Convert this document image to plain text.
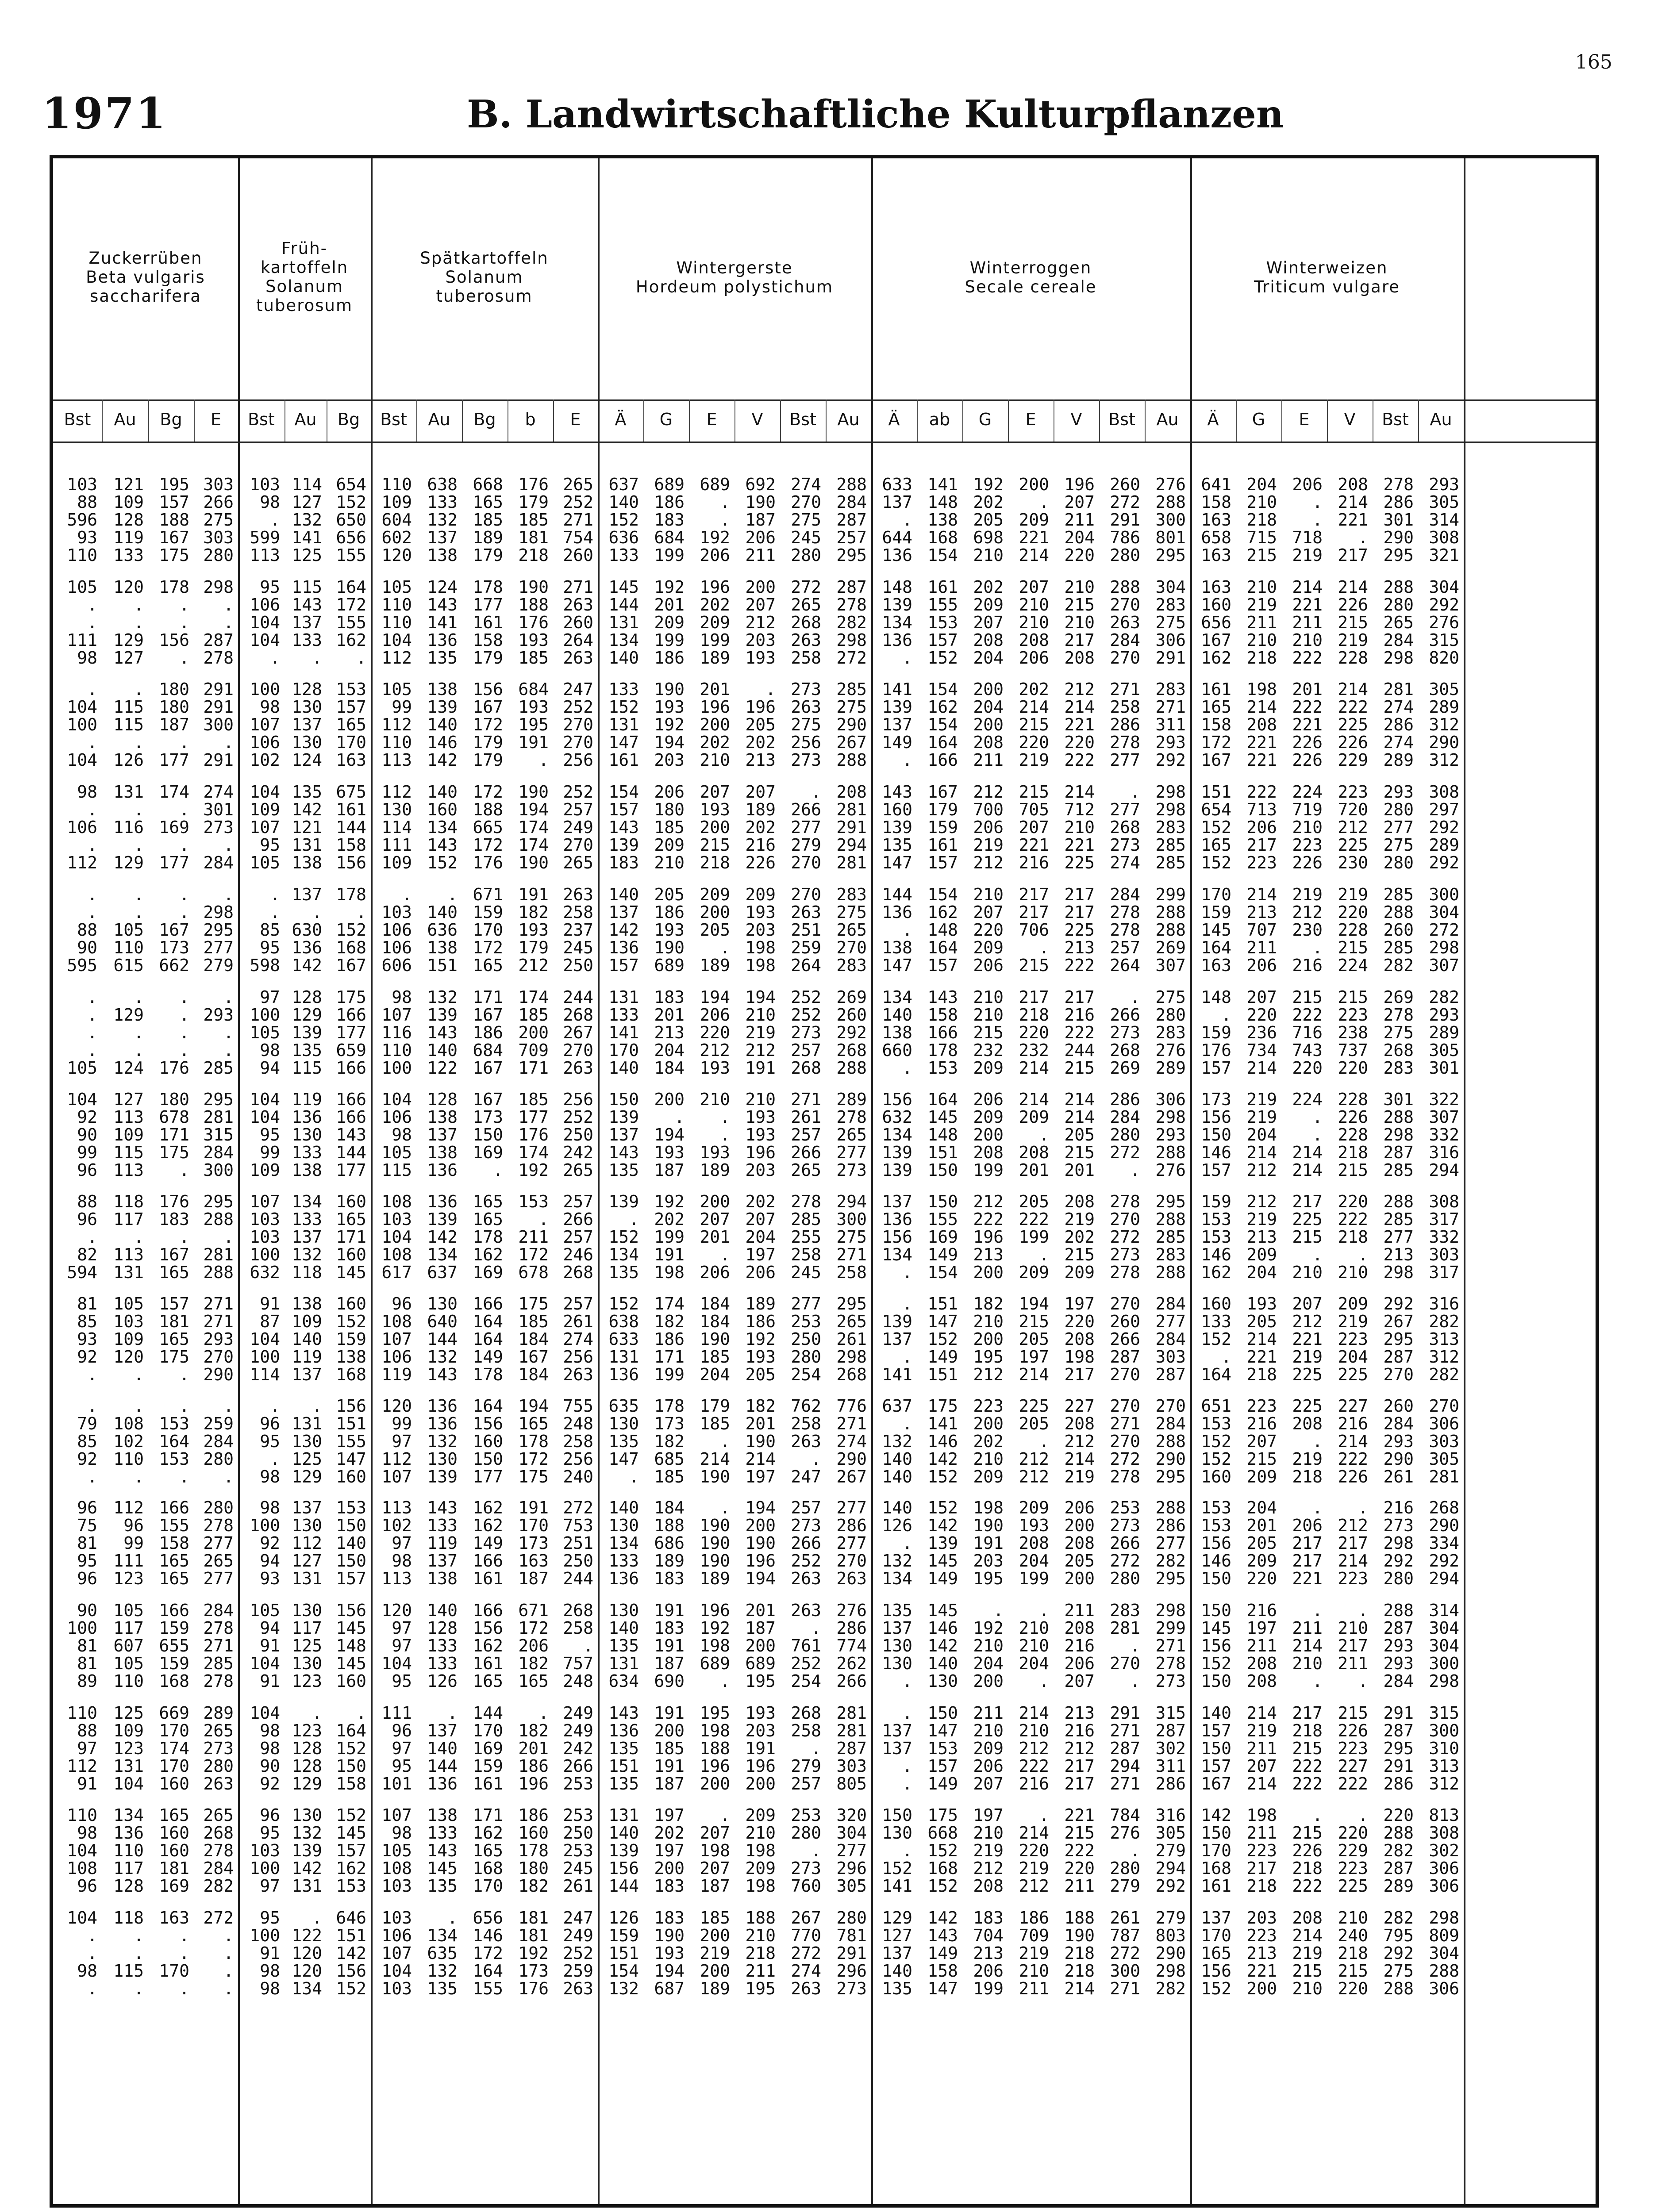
165
1971	B. Landwirtschaftliche Kulturpflanzen
Zuckerrüben
Beta vulgaris
saccharifera
Bst	Au	Bg	E
Früh-
kartoffeln
Solanum
tuberosum
Bst	Au	Bg
Spätkartoffeln
Solanum
tuberosum
Bst	Au	Bg	b	E
Wintergerste
Hordeum polystichum
Ä	G	E	V	Bst	Au
Winterroggen
Secale cereale
Ä	ab	G	E	V	Bst	Au
Winterweizen
Triticum vulgare
Ä	G	E	V	Bst	Au
103 121 195 303 103 114 654 110 638 668 176 265 637 689 689 692 274 288 633 141 192 200 196 260 276 641 204 206 208 278 293
88 109 157 266	98 127 152 109 133 165 179 252 140 186	. 190 270 284 137 148 202	. 207 272 288 158 210	. 214 286 305
596 128 188 275	. 132 650 604 132 185 185 271 152 183	. 187 275 287	. 138 205 209 211 291 300 163 218	. 221 301 314
93 119 167 303 599 141 656 602 137 189 181 754 636 684 192 206 245 257 644 168 698 221 204 786 801 658 715 718	. 290 308
110 133 175 280 113 125 155 120 138 179 218 260 133 199 206 211 280 295 136 154 210 214 220 280 295 163 215 219 217 295 321
105 120 178 298	95 115 164 105 124 178 190 271 145 192 196 200 272 287 148 161 202 207 210 288 304 163 210 214 214 288 304
.	.	.	. 106 143 172 110 143 177 188 263 144 201 202 207 265 278 139 155 209 210 215 270 283 160 219 221 226 280 292
.	.	.	. 104 137 155 110 141 161 176 260 131 209 209 212 268 282 134 153 207 210 210 263 275 656 211 211 215 265 276
111 129 156 287 104 133 162 104 136 158 193 264 134 199 199 203 263 298 136 157 208 208 217 284 306 167 210 210 219 284 315
98 127	. 278	.	.	. 112 135 179 185 263 140 186 189 193 258 272	. 152 204 206 208 270 291 162 218 222 228 298 820
.	. 180 291 100 128 153 105 138 156 684 247 133 190 201	. 273 285 141 154 200 202 212 271 283 161 198 201 214 281 305
104 115 180 291	98 130 157	99 139 167 193 252 152 193 196 196 263 275 139 162 204 214 214 258 271 165 214 222 222 274 289
100 115 187 300 107 137 165 112 140 172 195 270 131 192 200 205 275 290 137 154 200 215 221 286 311 158 208 221 225 286 312
.	.	.	. 106 130 170 110 146 179 191 270 147 194 202 202 256 267 149 164 208 220 220 278 293 172 221 226 226 274 290
104 126 177 291 102 124 163 113 142 179	. 256 161 203 210 213 273 288	. 166 211 219 222 277 292 167 221 226 229 289 312
98 131 174 274 104 135 675 112 140 172 190 252 154 206 207 207	. 208 143 167 212 215 214	. 298 151 222 224 223 293 308
.	.	. 301 109 142 161 130 160 188 194 257 157 180 193 189 266 281 160 179 700 705 712 277 298 654 713 719 720 280 297
106 116 169 273 107 121 144 114 134 665 174 249 143 185 200 202 277 291 139 159 206 207 210 268 283 152 206 210 212 277 292
.	.	.	.	95 131 158 111 143 172 174 270 139 209 215 216 279 294 135 161 219 221 221 273 285 165 217 223 225 275 289
112 129 177 284 105 138 156 109 152 176 190 265 183 210 218 226 270 281 147 157 212 216 225 274 285 152 223 226 230 280 292
.	.	.	.	. 137 178	.	. 671 191 263 140 205 209 209 270 283 144 154 210 217 217 284 299 170 214 219 219 285 300
.	.	. 298	.	.	. 103 140 159 182 258 137 186 200 193 263 275 136 162 207 217 217 278 288 159 213 212 220 288 304
88 105 167 295	85 630 152 106 636 170 193 237 142 193 205 203 251 265	. 148 220 706 225 278 288 145 707 230 228 260 272
90 110 173 277	95 136 168 106 138 172 179 245 136 190	. 198 259 270 138 164 209	. 213 257 269 164 211	. 215 285 298
595 615 662 279 598 142 167 606 151 165 212 250 157 689 189 198 264 283 147 157 206 215 222 264 307 163 206 216 224 282 307
.	.	.	.	97 128 175	98 132 171 174 244 131 183 194 194 252 269 134 143 210 217 217	. 275 148 207 215 215 269 282
. 129	. 293 100 129 166 107 139 167 185 268 133 201 206 210 252 260 140 158 210 218 216 266 280	. 220 222 223 278 293
.	.	.	. 105 139 177 116 143 186 200 267 141 213 220 219 273 292 138 166 215 220 222 273 283 159 236 716 238 275 289
.	.	.	.	98 135 659 110 140 684 709 270 170 204 212 212 257 268 660 178 232 232 244 268 276 176 734 743 737 268 305
105 124 176 285	94 115 166 100 122 167 171 263 140 184 193 191 268 288	. 153 209 214 215 269 289 157 214 220 220 283 301
104 127 180 295 104 119 166 104 128 167 185 256 150 200 210 210 271 289 156 164 206 214 214 286 306 173 219 224 228 301 322
92 113 678 281 104 136 166 106 138 173 177 252 139	.	. 193 261 278 632 145 209 209 214 284 298 156 219	. 226 288 307
90 109 171 315	95 130 143	98 137 150 176 250 137 194	. 193 257 265 134 148 200	. 205 280 293 150 204	. 228 298 332
99 115 175 284	99 133 144 105 138 169 174 242 143 193 193 196 266 277 139 151 208 208 215 272 288 146 214 214 218 287 316
96 113	. 300 109 138 177 115 136	. 192 265 135 187 189 203 265 273 139 150 199 201 201	. 276 157 212 214 215 285 294
88 118 176 295 107 134 160 108 136 165 153 257 139 192 200 202 278 294 137 150 212 205 208 278 295 159 212 217 220 288 308
96 117 183 288 103 133 165 103 139 165	. 266	. 202 207 207 285 300 136 155 222 222 219 270 288 153 219 225 222 285 317
.	.	.	. 103 137 171 104 142 178 211 257 152 199 201 204 255 275 156 169 196 199 202 272 285 153 213 215 218 277 332
82 113 167 281 100 132 160 108 134 162 172 246 134 191	. 197 258 271 134 149 213	. 215 273 283 146 209	.	. 213 303
594 131 165 288 632 118 145 617 637 169 678 268 135 198 206 206 245 258	. 154 200 209 209 278 288 162 204 210 210 298 317
81 105 157 271	91 138 160	96 130 166 175 257 152 174 184 189 277 295	. 151 182 194 197 270 284 160 193 207 209 292 316
85 103 181 271	87 109 152 108 640 164 185 261 638 182 184 186 253 265 139 147 210 215 220 260 277 133 205 212 219 267 282
93 109 165 293 104 140 159 107 144 164 184 274 633 186 190 192 250 261 137 152 200 205 208 266 284 152 214 221 223 295 313
92 120 175 270 100 119 138 106 132 149 167 256 131 171 185 193 280 298	. 149 195 197 198 287 303	. 221 219 204 287 312
.	.	. 290 114 137 168 119 143 178 184 263 136 199 204 205 254 268 141 151 212 214 217 270 287 164 218 225 225 270 282
.	.	.	.	.	. 156 120 136 164 194 755 635 178 179 182 762 776 637 175 223 225 227 270 270 651 223 225 227 260 270
79 108 153 259	96 131 151	99 136 156 165 248 130 173 185 201 258 271	. 141 200 205 208 271 284 153 216 208 216 284 306
85 102 164 284	95 130 155	97 132 160 178 258 135 182	. 190 263 274 132 146 202	. 212 270 288 152 207	. 214 293 303
92 110 153 280	. 125 147 112 130 150 172 256 147 685 214 214	. 290 140 142 210 212 214 272 290 152 215 219 222 290 305
.	.	.	.	98 129 160 107 139 177 175 240	. 185 190 197 247 267 140 152 209 212 219 278 295 160 209 218 226 261 281
96 112 166 280	98 137 153 113 143 162 191 272 140 184	. 194 257 277 140 152 198 209 206 253 288 153 204	.	. 216 268
75	96 155 278 100 130 150 102 133 162 170 753 130 188 190 200 273 286 126 142 190 193 200 273 286 153 201 206 212 273 290
81	99 158 277	92 112 140	97 119 149 173 251 134 686 190 190 266 277	. 139 191 208 208 266 277 156 205 217 217 298 334
95 111 165 265	94 127 150	98 137 166 163 250 133 189 190 196 252 270 132 145 203 204 205 272 282 146 209 217 214 292 292
96 123 165 277	93 131 157 113 138 161 187 244 136 183 189 194 263 263 134 149 195 199 200 280 295 150 220 221 223 280 294
90 105 166 284 105 130 156 120 140 166 671 268 130 191 196 201 263 276 135 145	.	. 211 283 298 150 216	.	. 288 314
100 117 159 278	94 117 145	97 128 156 172 258 140 183 192 187	. 286 137 146 192 210 208 281 299 145 197 211 210 287 304
81 607 655 271	91 125 148	97 133 162 206	. 135 191 198 200 761 774 130 142 210 210 216	. 271 156 211 214 217 293 304
81 105 159 285 104 130 145 104 133 161 182 757 131 187 689 689 252 262 130 140 204 204 206 270 278 152 208 210 211 293 300
89 110 168 278	91 123 160	95 126 165 165 248 634 690	. 195 254 266	. 130 200	. 207	. 273 150 208	.	. 284 298
110 125 669 289 104	.	. 111	. 144	. 249 143 191 195 193 268 281	. 150 211 214 213 291 315 140 214 217 215 291 315
88 109 170 265	98 123 164	96 137 170 182 249 136 200 198 203 258 281 137 147 210 210 216 271 287 157 219 218 226 287 300
97 123 174 273	98 128 152	97 140 169 201 242 135 185 188 191	. 287 137 153 209 212 212 287 302 150 211 215 223 295 310
112 131 170 280	90 128 150	95 144 159 186 266 151 191 196 196 279 303	. 157 206 222 217 294 311 157 207 222 227 291 313
91 104 160 263	92 129 158 101 136 161 196 253 135 187 200 200 257 805	. 149 207 216 217 271 286 167 214 222 222 286 312
110 134 165 265	96 130 152 107 138 171 186 253 131 197	. 209 253 320 150 175 197	. 221 784 316 142 198	.	. 220 813
98 136 160 268	95 132 145	98 133 162 160 250 140 202 207 210 280 304 130 668 210 214 215 276 305 150 211 215 220 288 308
104 110 160 278 103 139 157 105 143 165 178 253 139 197 198 198	. 277	. 152 219 220 222	. 279 170 223 226 229 282 302
108 117 181 284 100 142 162 108 145 168 180 245 156 200 207 209 273 296 152 168 212 219 220 280 294 168 217 218 223 287 306
96 128 169 282	97 131 153 103 135 170 182 261 144 183 187 198 760 305 141 152 208 212 211 279 292 161 218 222 225 289 306
104 118 163 272	95	. 646 103	. 656 181 247 126 183 185 188 267 280 129 142 183 186 188 261 279 137 203 208 210 282 298
.	.	.	. 100 122 151 106 134 146 181 249 159 190 200 210 770 781 127 143 704 709 190 787 803 170 223 214 240 795 809
.	.	.	.	91 120 142 107 635 172 192 252 151 193 219 218 272 291 137 149 213 219 218 272 290 165 213 219 218 292 304
98 115 170	.	98 120 156 104 132 164 173 259 154 194 200 211 274 296 140 158 206 210 218 300 298 156 221 215 215 275 288
.	.	.	.	98 134 152 103 135 155 176 263 132 687 189 195 263 273 135 147 199 211 214 271 282 152 200 210 220 288 306
